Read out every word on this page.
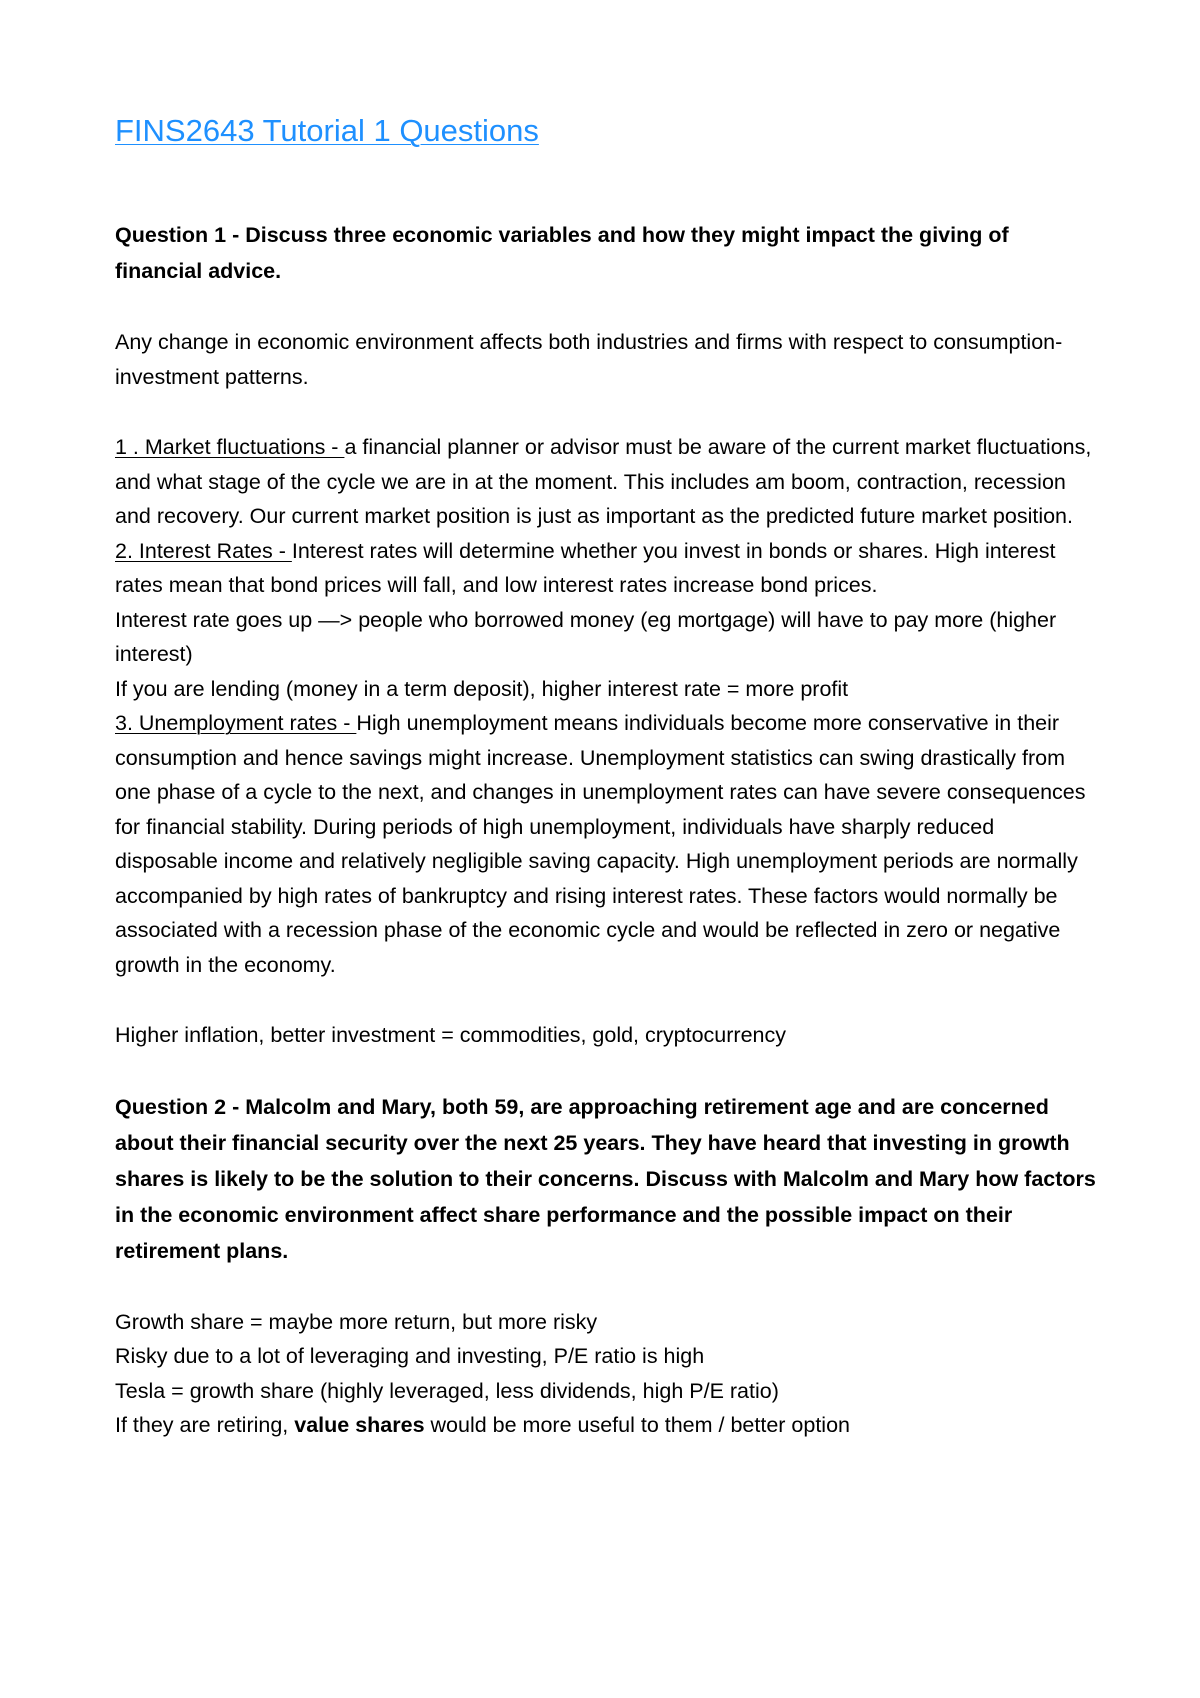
FINS2643 Tutorial 1 Questions

Question 1 - Discuss three economic variables and how they might impact the giving of financial advice.

Any change in economic environment affects both industries and firms with respect to consumption-investment patterns.

1 . Market fluctuations - a financial planner or advisor must be aware of the current market fluctuations, and what stage of the cycle we are in at the moment. This includes am boom, contraction, recession and recovery. Our current market position is just as important as the predicted future market position.

2. Interest Rates - Interest rates will determine whether you invest in bonds or shares. High interest rates mean that bond prices will fall, and low interest rates increase bond prices.

Interest rate goes up —> people who borrowed money (eg mortgage) will have to pay more (higher interest)

If you are lending (money in a term deposit), higher interest rate = more profit

3. Unemployment rates - High unemployment means individuals become more conservative in their consumption and hence savings might increase. Unemployment statistics can swing drastically from one phase of a cycle to the next, and changes in unemployment rates can have severe consequences for financial stability. During periods of high unemployment, individuals have sharply reduced disposable income and relatively negligible saving capacity. High unemployment periods are normally accompanied by high rates of bankruptcy and rising interest rates. These factors would normally be associated with a recession phase of the economic cycle and would be reflected in zero or negative growth in the economy.

Higher inflation, better investment = commodities, gold, cryptocurrency

Question 2 - Malcolm and Mary, both 59, are approaching retirement age and are concerned about their financial security over the next 25 years. They have heard that investing in growth shares is likely to be the solution to their concerns. Discuss with Malcolm and Mary how factors in the economic environment affect share performance and the possible impact on their retirement plans.

Growth share = maybe more return, but more risky

Risky due to a lot of leveraging and investing, P/E ratio is high

Tesla = growth share (highly leveraged, less dividends, high P/E ratio)

If they are retiring, value shares would be more useful to them / better option
